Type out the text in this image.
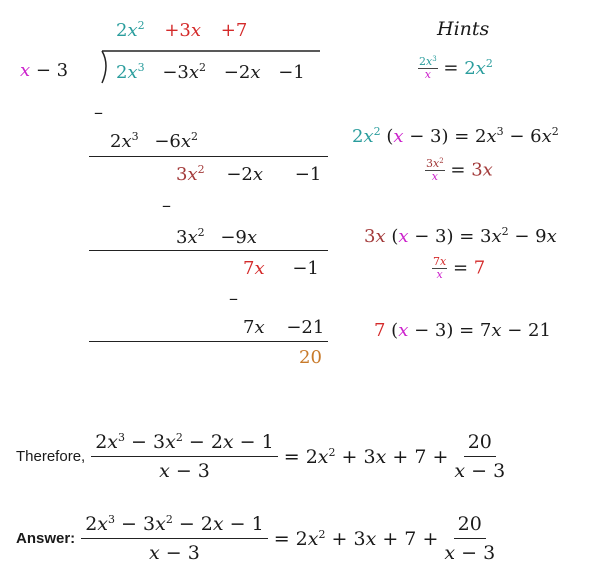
$2x^2 +3x +7$
x − 3	$2x^3 -3x^2 -2x -1$
–
$2x^3 -6x^2$
$3x^2 -2x -1$
–
$3x^2 -9x$
7x −1
–
7x −21
20
Hints
$\frac{2x^3}{x} = 2x^2$
$2x^2$ $(x - 3) = 2x^3 - 6x^2$
$\frac{3x^2}{x} = 3x$
3x $(x - 3) = 3x^2 - 9x$
$\frac{7x}{x} = 7$
7 (x − 3) = 7x − 21
Therefore, $\frac{2x^3 - 3x^2 - 2x - 1}{x - 3} = 2x^2 + 3x + 7 + \frac{20}{x - 3}$
Answer: $\frac{2x^3 - 3x^2 - 2x - 1}{x - 3} = 2x^2 + 3x + 7 + \frac{20}{x - 3}$
